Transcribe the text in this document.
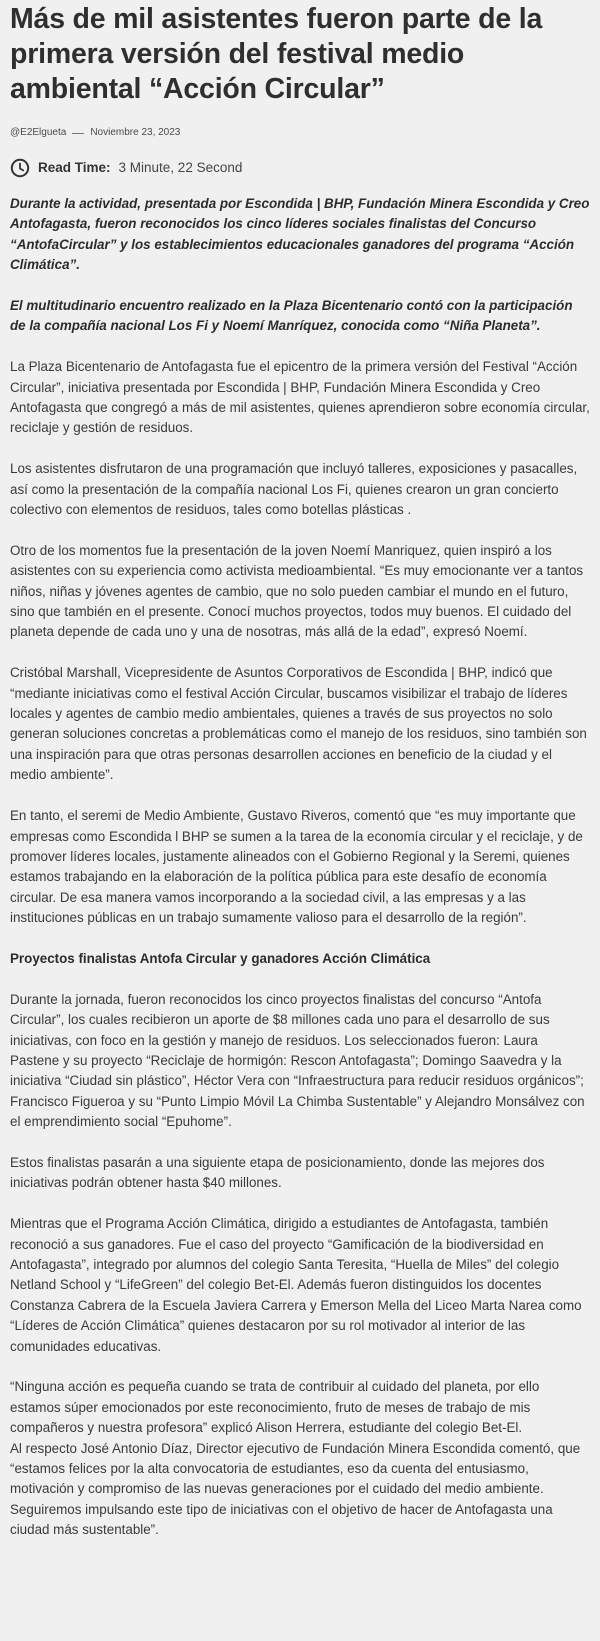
Más de mil asistentes fueron parte de la primera versión del festival medio ambiental “Acción Circular”
@E2Elgueta Noviembre 23, 2023
Read Time: 3 Minute, 22 Second

Durante la actividad, presentada por Escondida | BHP, Fundación Minera Escondida y Creo Antofagasta, fueron reconocidos los cinco líderes sociales finalistas del Concurso “AntofaCircular” y los establecimientos educacionales ganadores del programa “Acción Climática”.

El multitudinario encuentro realizado en la Plaza Bicentenario contó con la participación de la compañía nacional Los Fi y Noemí Manríquez, conocida como “Niña Planeta”.

La Plaza Bicentenario de Antofagasta fue el epicentro de la primera versión del Festival “Acción Circular”, iniciativa presentada por Escondida | BHP, Fundación Minera Escondida y Creo Antofagasta que congregó a más de mil asistentes, quienes aprendieron sobre economía circular, reciclaje y gestión de residuos.

Los asistentes disfrutaron de una programación que incluyó talleres, exposiciones y pasacalles, así como la presentación de la compañía nacional Los Fi, quienes crearon un gran concierto colectivo con elementos de residuos, tales como botellas plásticas .

Otro de los momentos fue la presentación de la joven Noemí Manriquez, quien inspiró a los asistentes con su experiencia como activista medioambiental. “Es muy emocionante ver a tantos niños, niñas y jóvenes agentes de cambio, que no solo pueden cambiar el mundo en el futuro, sino que también en el presente. Conocí muchos proyectos, todos muy buenos. El cuidado del planeta depende de cada uno y una de nosotras, más allá de la edad”, expresó Noemí.

Cristóbal Marshall, Vicepresidente de Asuntos Corporativos de Escondida | BHP, indicó que “mediante iniciativas como el festival Acción Circular, buscamos visibilizar el trabajo de líderes locales y agentes de cambio medio ambientales, quienes a través de sus proyectos no solo generan soluciones concretas a problemáticas como el manejo de los residuos, sino también son una inspiración para que otras personas desarrollen acciones en beneficio de la ciudad y el medio ambiente”.

En tanto, el seremi de Medio Ambiente, Gustavo Riveros, comentó que “es muy importante que empresas como Escondida l BHP se sumen a la tarea de la economía circular y el reciclaje, y de promover líderes locales, justamente alineados con el Gobierno Regional y la Seremi, quienes estamos trabajando en la elaboración de la política pública para este desafío de economía circular. De esa manera vamos incorporando a la sociedad civil, a las empresas y a las instituciones públicas en un trabajo sumamente valioso para el desarrollo de la región”.

Proyectos finalistas Antofa Circular y ganadores Acción Climática

Durante la jornada, fueron reconocidos los cinco proyectos finalistas del concurso “Antofa Circular”, los cuales recibieron un aporte de $8 millones cada uno para el desarrollo de sus iniciativas, con foco en la gestión y manejo de residuos. Los seleccionados fueron: Laura Pastene y su proyecto “Reciclaje de hormigón: Rescon Antofagasta”; Domingo Saavedra y la iniciativa “Ciudad sin plástico”, Héctor Vera con “Infraestructura para reducir residuos orgánicos”; Francisco Figueroa y su “Punto Limpio Móvil La Chimba Sustentable” y Alejandro Monsálvez con el emprendimiento social “Epuhome”.

Estos finalistas pasarán a una siguiente etapa de posicionamiento, donde las mejores dos iniciativas podrán obtener hasta $40 millones.

Mientras que el Programa Acción Climática, dirigido a estudiantes de Antofagasta, también reconoció a sus ganadores. Fue el caso del proyecto “Gamificación de la biodiversidad en Antofagasta”, integrado por alumnos del colegio Santa Teresita, “Huella de Miles” del colegio Netland School y “LifeGreen” del colegio Bet-El. Además fueron distinguidos los docentes Constanza Cabrera de la Escuela Javiera Carrera y Emerson Mella del Liceo Marta Narea como “Líderes de Acción Climática” quienes destacaron por su rol motivador al interior de las comunidades educativas.

“Ninguna acción es pequeña cuando se trata de contribuir al cuidado del planeta, por ello estamos súper emocionados por este reconocimiento, fruto de meses de trabajo de mis compañeros y nuestra profesora” explicó Alison Herrera, estudiante del colegio Bet-El.

Al respecto José Antonio Díaz, Director ejecutivo de Fundación Minera Escondida comentó, que “estamos felices por la alta convocatoria de estudiantes, eso da cuenta del entusiasmo, motivación y compromiso de las nuevas generaciones por el cuidado del medio ambiente. Seguiremos impulsando este tipo de iniciativas con el objetivo de hacer de Antofagasta una ciudad más sustentable”.
